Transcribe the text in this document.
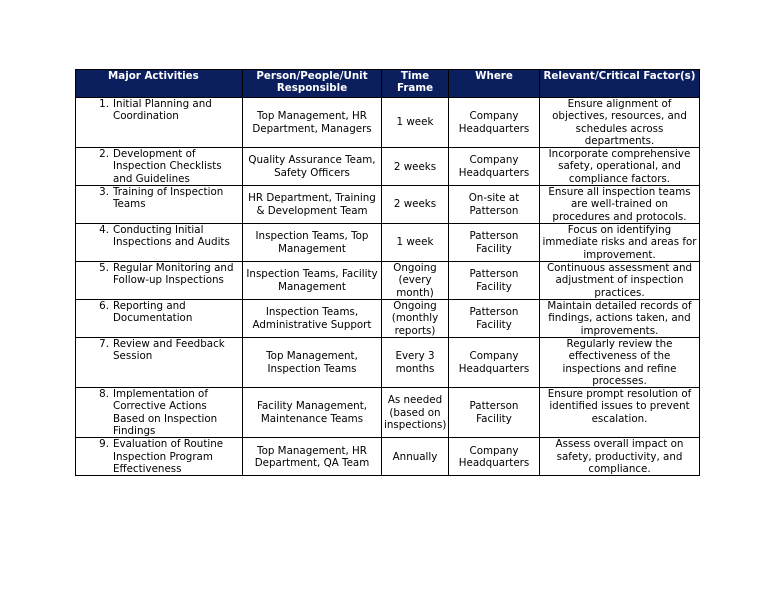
Major Activities	Person/People/Unit Responsible	Time Frame	Where	Relevant/Critical Factor(s)

1. Initial Planning and Coordination	Top Management, HR Department, Managers	1 week	Company Headquarters	Ensure alignment of objectives, resources, and schedules across departments.

2. Development of Inspection Checklists and Guidelines	Quality Assurance Team, Safety Officers	2 weeks	Company Headquarters	Incorporate comprehensive safety, operational, and compliance factors.

3. Training of Inspection Teams	HR Department, Training & Development Team	2 weeks	On-site at Patterson	Ensure all inspection teams are well-trained on procedures and protocols.

4. Conducting Initial Inspections and Audits	Inspection Teams, Top Management	1 week	Patterson Facility	Focus on identifying immediate risks and areas for improvement.

5. Regular Monitoring and Follow-up Inspections	Inspection Teams, Facility Management	Ongoing (every month)	Patterson Facility	Continuous assessment and adjustment of inspection practices.

6. Reporting and Documentation	Inspection Teams, Administrative Support	Ongoing (monthly reports)	Patterson Facility	Maintain detailed records of findings, actions taken, and improvements.

7. Review and Feedback Session	Top Management, Inspection Teams	Every 3 months	Company Headquarters	Regularly review the effectiveness of the inspections and refine processes.

8. Implementation of Corrective Actions Based on Inspection Findings	Facility Management, Maintenance Teams	As needed (based on inspections)	Patterson Facility	Ensure prompt resolution of identified issues to prevent escalation.

9. Evaluation of Routine Inspection Program Effectiveness	Top Management, HR Department, QA Team	Annually	Company Headquarters	Assess overall impact on safety, productivity, and compliance.
